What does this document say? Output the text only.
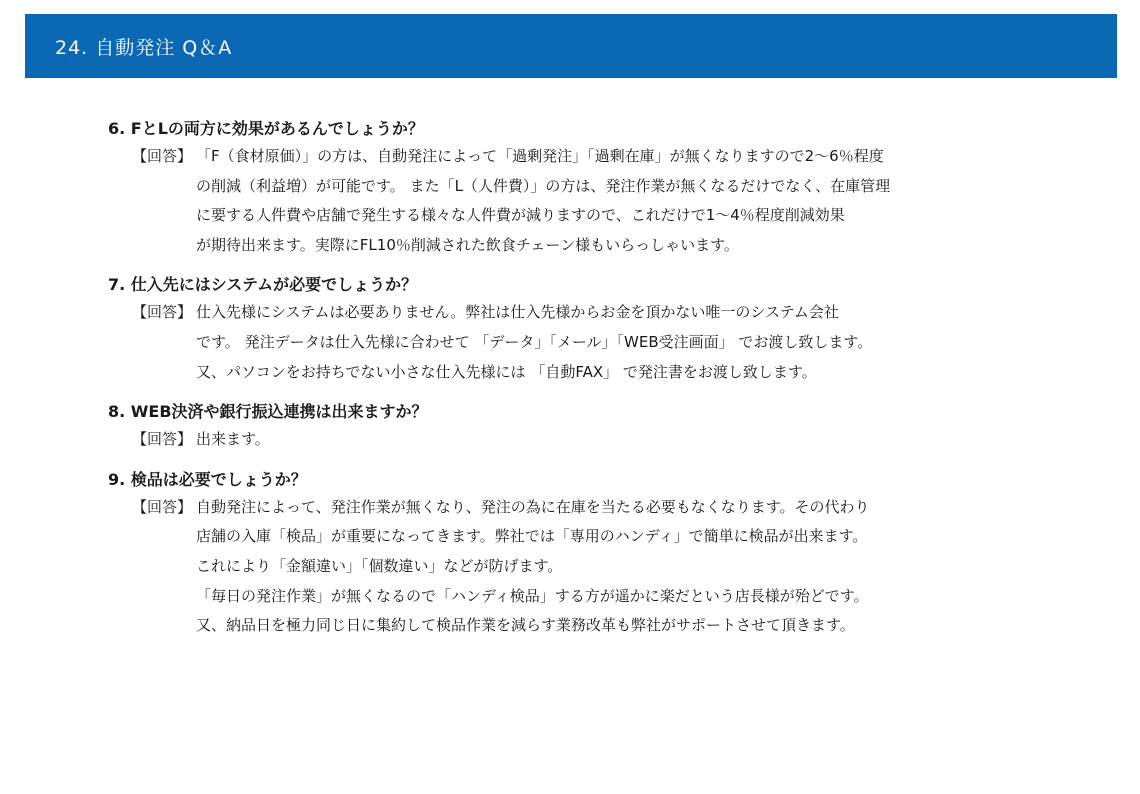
24. 自動発注 Q＆A
6. FとLの両方に効果があるんでしょうか？
【回答】 「F（食材原価）」の方は、自動発注によって「過剰発注」「過剰在庫」が無くなりますので2～6％程度
の削減（利益増）が可能です。 また「L（人件費）」の方は、発注作業が無くなるだけでなく、在庫管理
に要する人件費や店舗で発生する様々な人件費が減りますので、これだけで1～4％程度削減効果
が期待出来ます。実際にFL10％削減された飲食チェーン様もいらっしゃいます。
7. 仕入先にはシステムが必要でしょうか？
【回答】 仕入先様にシステムは必要ありません。弊社は仕入先様からお金を頂かない唯一のシステム会社
です。 発注データは仕入先様に合わせて 「データ」「メール」「WEB受注画面」 でお渡し致します。
又、パソコンをお持ちでない小さな仕入先様には 「自動FAX」 で発注書をお渡し致します。
8. WEB決済や銀行振込連携は出来ますか？
【回答】 出来ます。
9. 検品は必要でしょうか？
【回答】 自動発注によって、発注作業が無くなり、発注の為に在庫を当たる必要もなくなります。その代わり
店舗の入庫「検品」が重要になってきます。弊社では「専用のハンディ」で簡単に検品が出来ます。
これにより「金額違い」「個数違い」などが防げます。
「毎日の発注作業」が無くなるので「ハンディ検品」する方が遥かに楽だという店長様が殆どです。
又、納品日を極力同じ日に集約して検品作業を減らす業務改革も弊社がサポートさせて頂きます。
